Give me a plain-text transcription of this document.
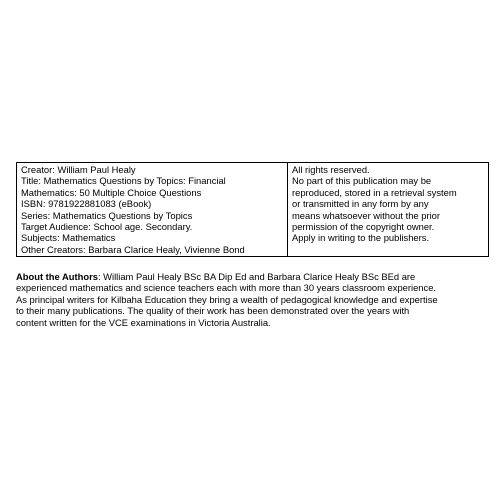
Creator: William Paul Healy
Title: Mathematics Questions by Topics: Financial
Mathematics: 50 Multiple Choice Questions
ISBN: 9781922881083 (eBook)
Series: Mathematics Questions by Topics
Target Audience: School age. Secondary.
Subjects: Mathematics
Other Creators: Barbara Clarice Healy, Vivienne Bond

All rights reserved.
No part of this publication may be
reproduced, stored in a retrieval system
or transmitted in any form by any
means whatsoever without the prior
permission of the copyright owner.
Apply in writing to the publishers.
About the Authors: William Paul Healy BSc BA Dip Ed and Barbara Clarice Healy BSc BEd are
experienced mathematics and science teachers each with more than 30 years classroom experience.
As principal writers for Kilbaha Education they bring a wealth of pedagogical knowledge and expertise
to their many publications. The quality of their work has been demonstrated over the years with
content written for the VCE examinations in Victoria Australia.
